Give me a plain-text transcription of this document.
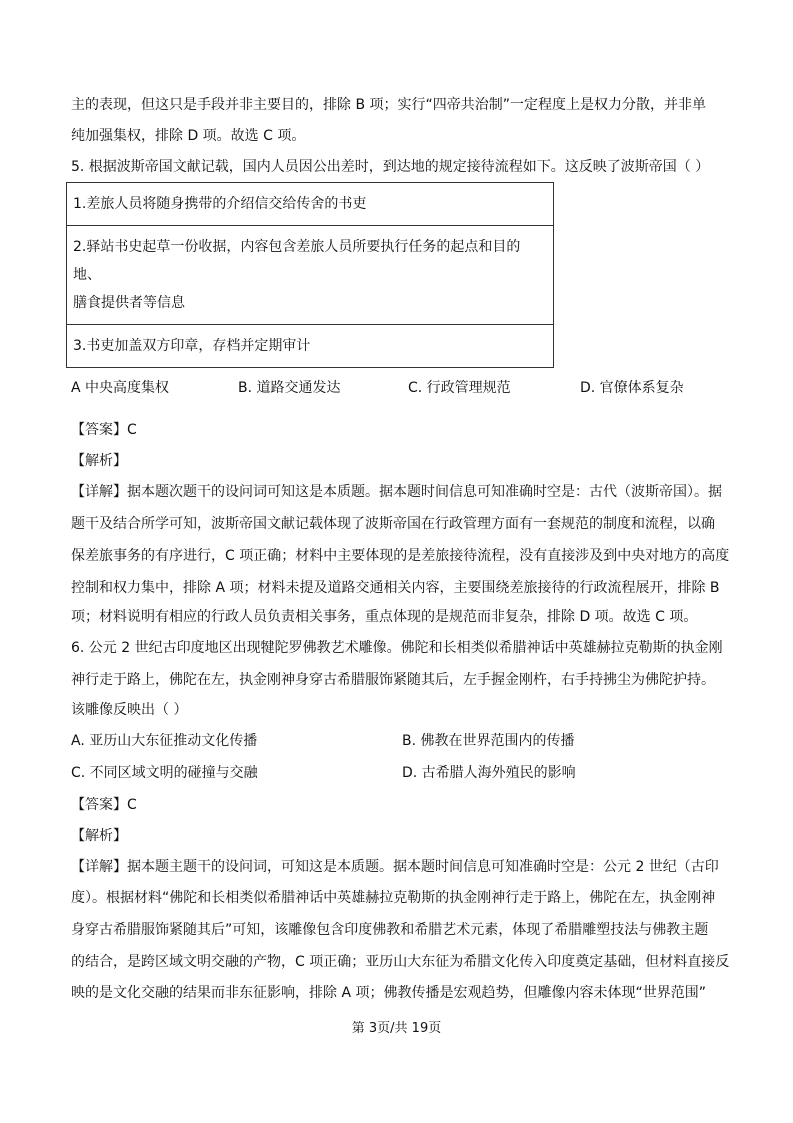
主的表现，但这只是手段并非主要目的，排除 B 项；实行“四帝共治制”一定程度上是权力分散，并非单
纯加强集权，排除 D 项。故选 C 项。
5. 根据波斯帝国文献记载，国内人员因公出差时，到达地的规定接待流程如下。这反映了波斯帝国（ ）
1.差旅人员将随身携带的介绍信交给传舍的书吏

2.驿站书史起草一份收据，内容包含差旅人员所要执行任务的起点和目的地、
膳食提供者等信息

3.书吏加盖双方印章，存档并定期审计
A 中央高度集权	B. 道路交通发达	C. 行政管理规范	D. 官僚体系复杂
【答案】C
【解析】
【详解】据本题次题干的设问词可知这是本质题。据本题时间信息可知准确时空是：古代（波斯帝国）。据
题干及结合所学可知，波斯帝国文献记载体现了波斯帝国在行政管理方面有一套规范的制度和流程，以确
保差旅事务的有序进行，C 项正确；材料中主要体现的是差旅接待流程，没有直接涉及到中央对地方的高度
控制和权力集中，排除 A 项；材料未提及道路交通相关内容，主要围绕差旅接待的行政流程展开，排除 B
项；材料说明有相应的行政人员负责相关事务，重点体现的是规范而非复杂，排除 D 项。故选 C 项。
6. 公元 2 世纪古印度地区出现犍陀罗佛教艺术雕像。佛陀和长相类似希腊神话中英雄赫拉克勒斯的执金刚
神行走于路上，佛陀在左，执金刚神身穿古希腊服饰紧随其后，左手握金刚杵，右手持拂尘为佛陀护持。
该雕像反映出（ ）
A. 亚历山大东征推动文化传播	B. 佛教在世界范围内的传播
C. 不同区域文明的碰撞与交融	D. 古希腊人海外殖民的影响
【答案】C
【解析】
【详解】据本题主题干的设问词，可知这是本质题。据本题时间信息可知准确时空是：公元 2 世纪（古印
度）。根据材料“佛陀和长相类似希腊神话中英雄赫拉克勒斯的执金刚神行走于路上，佛陀在左，执金刚神
身穿古希腊服饰紧随其后”可知，该雕像包含印度佛教和希腊艺术元素，体现了希腊雕塑技法与佛教主题
的结合，是跨区域文明交融的产物，C 项正确；亚历山大东征为希腊文化传入印度奠定基础，但材料直接反
映的是文化交融的结果而非东征影响，排除 A 项；佛教传播是宏观趋势，但雕像内容未体现“世界范围”
第 3页/共 19页
